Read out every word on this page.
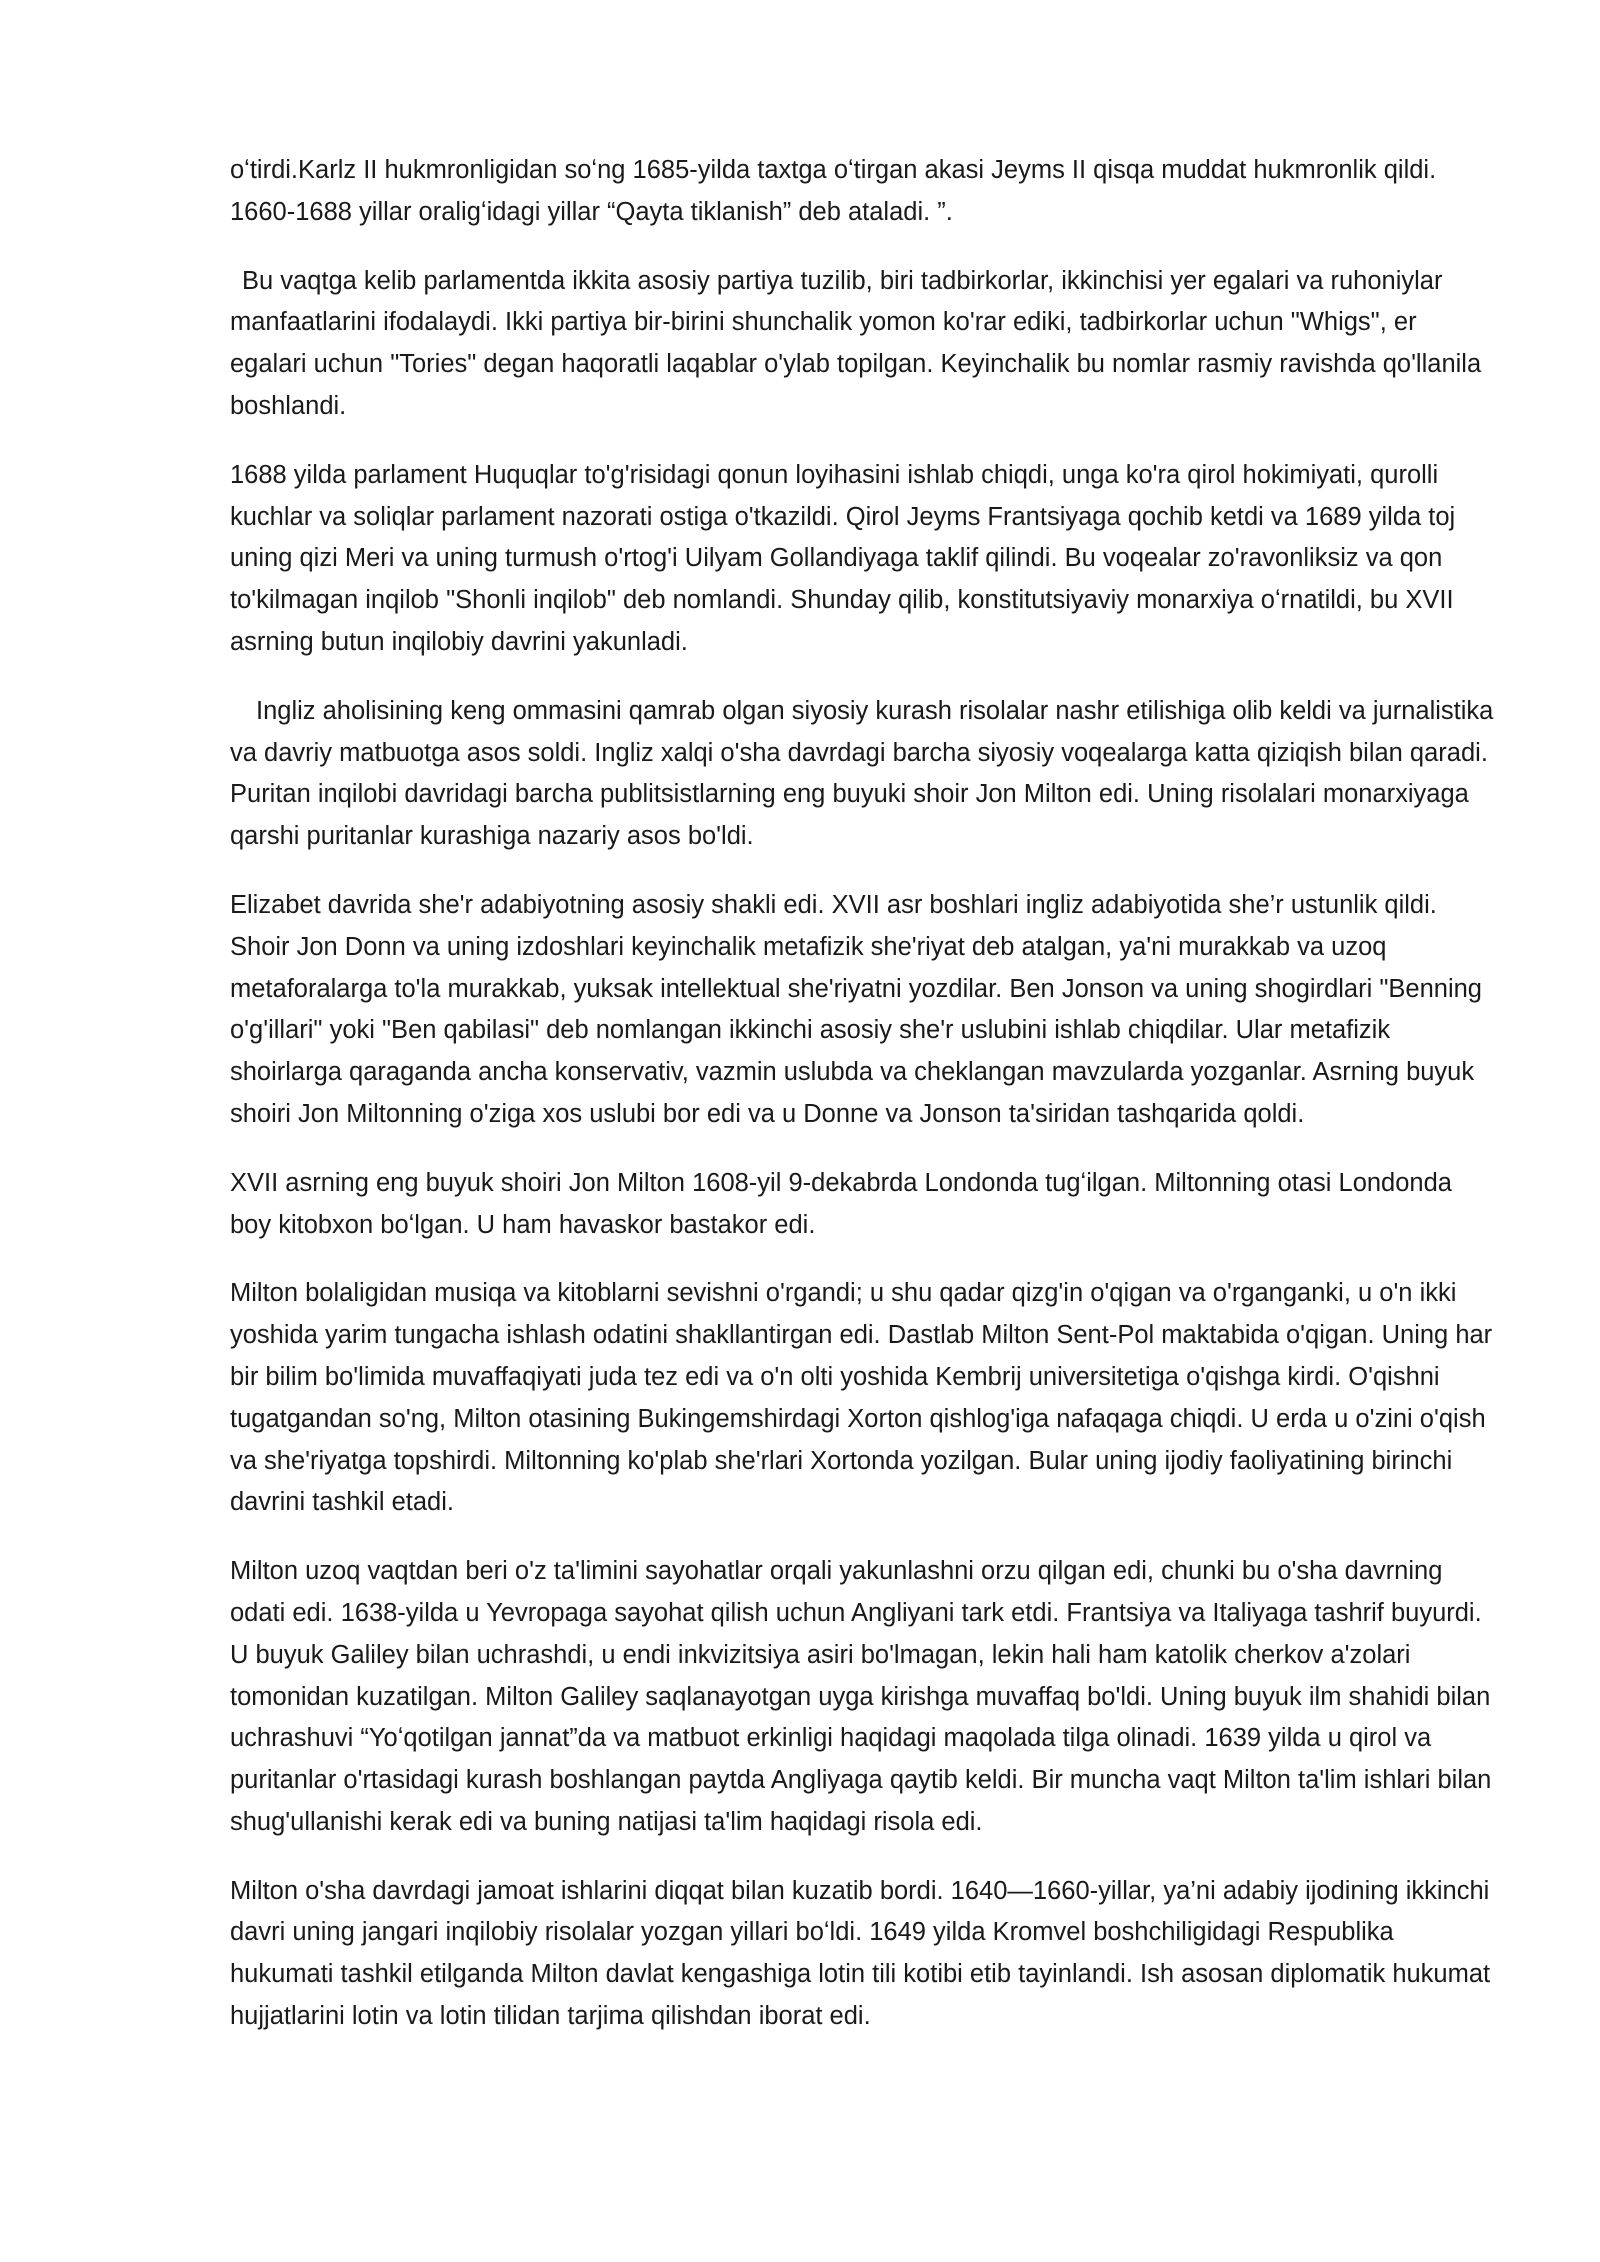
oʻtirdi.Karlz II hukmronligidan soʻng 1685-yilda taxtga oʻtirgan akasi Jeyms II qisqa muddat hukmronlik qildi. 1660-1688 yillar oraligʻidagi yillar “Qayta tiklanish” deb ataladi. ”.

Bu vaqtga kelib parlamentda ikkita asosiy partiya tuzilib, biri tadbirkorlar, ikkinchisi yer egalari va ruhoniylar manfaatlarini ifodalaydi. Ikki partiya bir-birini shunchalik yomon ko'rar ediki, tadbirkorlar uchun "Whigs", er egalari uchun "Tories" degan haqoratli laqablar o'ylab topilgan. Keyinchalik bu nomlar rasmiy ravishda qo'llanila boshlandi.

1688 yilda parlament Huquqlar to'g'risidagi qonun loyihasini ishlab chiqdi, unga ko'ra qirol hokimiyati, qurolli kuchlar va soliqlar parlament nazorati ostiga o'tkazildi. Qirol Jeyms Frantsiyaga qochib ketdi va 1689 yilda toj uning qizi Meri va uning turmush o'rtog'i Uilyam Gollandiyaga taklif qilindi. Bu voqealar zo'ravonliksiz va qon to'kilmagan inqilob "Shonli inqilob" deb nomlandi. Shunday qilib, konstitutsiyaviy monarxiya oʻrnatildi, bu XVII asrning butun inqilobiy davrini yakunladi.

Ingliz aholisining keng ommasini qamrab olgan siyosiy kurash risolalar nashr etilishiga olib keldi va jurnalistika va davriy matbuotga asos soldi. Ingliz xalqi o'sha davrdagi barcha siyosiy voqealarga katta qiziqish bilan qaradi. Puritan inqilobi davridagi barcha publitsistlarning eng buyuki shoir Jon Milton edi. Uning risolalari monarxiyaga qarshi puritanlar kurashiga nazariy asos bo'ldi.

Elizabet davrida she'r adabiyotning asosiy shakli edi. XVII asr boshlari ingliz adabiyotida she’r ustunlik qildi. Shoir Jon Donn va uning izdoshlari keyinchalik metafizik she'riyat deb atalgan, ya'ni murakkab va uzoq metaforalarga to'la murakkab, yuksak intellektual she'riyatni yozdilar. Ben Jonson va uning shogirdlari "Benning o'g'illari" yoki "Ben qabilasi" deb nomlangan ikkinchi asosiy she'r uslubini ishlab chiqdilar. Ular metafizik shoirlarga qaraganda ancha konservativ, vazmin uslubda va cheklangan mavzularda yozganlar. Asrning buyuk shoiri Jon Miltonning o'ziga xos uslubi bor edi va u Donne va Jonson ta'siridan tashqarida qoldi.

XVII asrning eng buyuk shoiri Jon Milton 1608-yil 9-dekabrda Londonda tugʻilgan. Miltonning otasi Londonda boy kitobxon boʻlgan. U ham havaskor bastakor edi.

Milton bolaligidan musiqa va kitoblarni sevishni o'rgandi; u shu qadar qizg'in o'qigan va o'rganganki, u o'n ikki yoshida yarim tungacha ishlash odatini shakllantirgan edi. Dastlab Milton Sent-Pol maktabida o'qigan. Uning har bir bilim bo'limida muvaffaqiyati juda tez edi va o'n olti yoshida Kembrij universitetiga o'qishga kirdi. O'qishni tugatgandan so'ng, Milton otasining Bukingemshirdagi Xorton qishlog'iga nafaqaga chiqdi. U erda u o'zini o'qish va she'riyatga topshirdi. Miltonning ko'plab she'rlari Xortonda yozilgan. Bular uning ijodiy faoliyatining birinchi davrini tashkil etadi.

Milton uzoq vaqtdan beri o'z ta'limini sayohatlar orqali yakunlashni orzu qilgan edi, chunki bu o'sha davrning odati edi. 1638-yilda u Yevropaga sayohat qilish uchun Angliyani tark etdi. Frantsiya va Italiyaga tashrif buyurdi. U buyuk Galiley bilan uchrashdi, u endi inkvizitsiya asiri bo'lmagan, lekin hali ham katolik cherkov a'zolari tomonidan kuzatilgan. Milton Galiley saqlanayotgan uyga kirishga muvaffaq bo'ldi. Uning buyuk ilm shahidi bilan uchrashuvi “Yoʻqotilgan jannat”da va matbuot erkinligi haqidagi maqolada tilga olinadi. 1639 yilda u qirol va puritanlar o'rtasidagi kurash boshlangan paytda Angliyaga qaytib keldi. Bir muncha vaqt Milton ta'lim ishlari bilan shug'ullanishi kerak edi va buning natijasi ta'lim haqidagi risola edi.

Milton o'sha davrdagi jamoat ishlarini diqqat bilan kuzatib bordi. 1640—1660-yillar, ya’ni adabiy ijodining ikkinchi davri uning jangari inqilobiy risolalar yozgan yillari boʻldi. 1649 yilda Kromvel boshchiligidagi Respublika hukumati tashkil etilganda Milton davlat kengashiga lotin tili kotibi etib tayinlandi. Ish asosan diplomatik hukumat hujjatlarini lotin va lotin tilidan tarjima qilishdan iborat edi.
